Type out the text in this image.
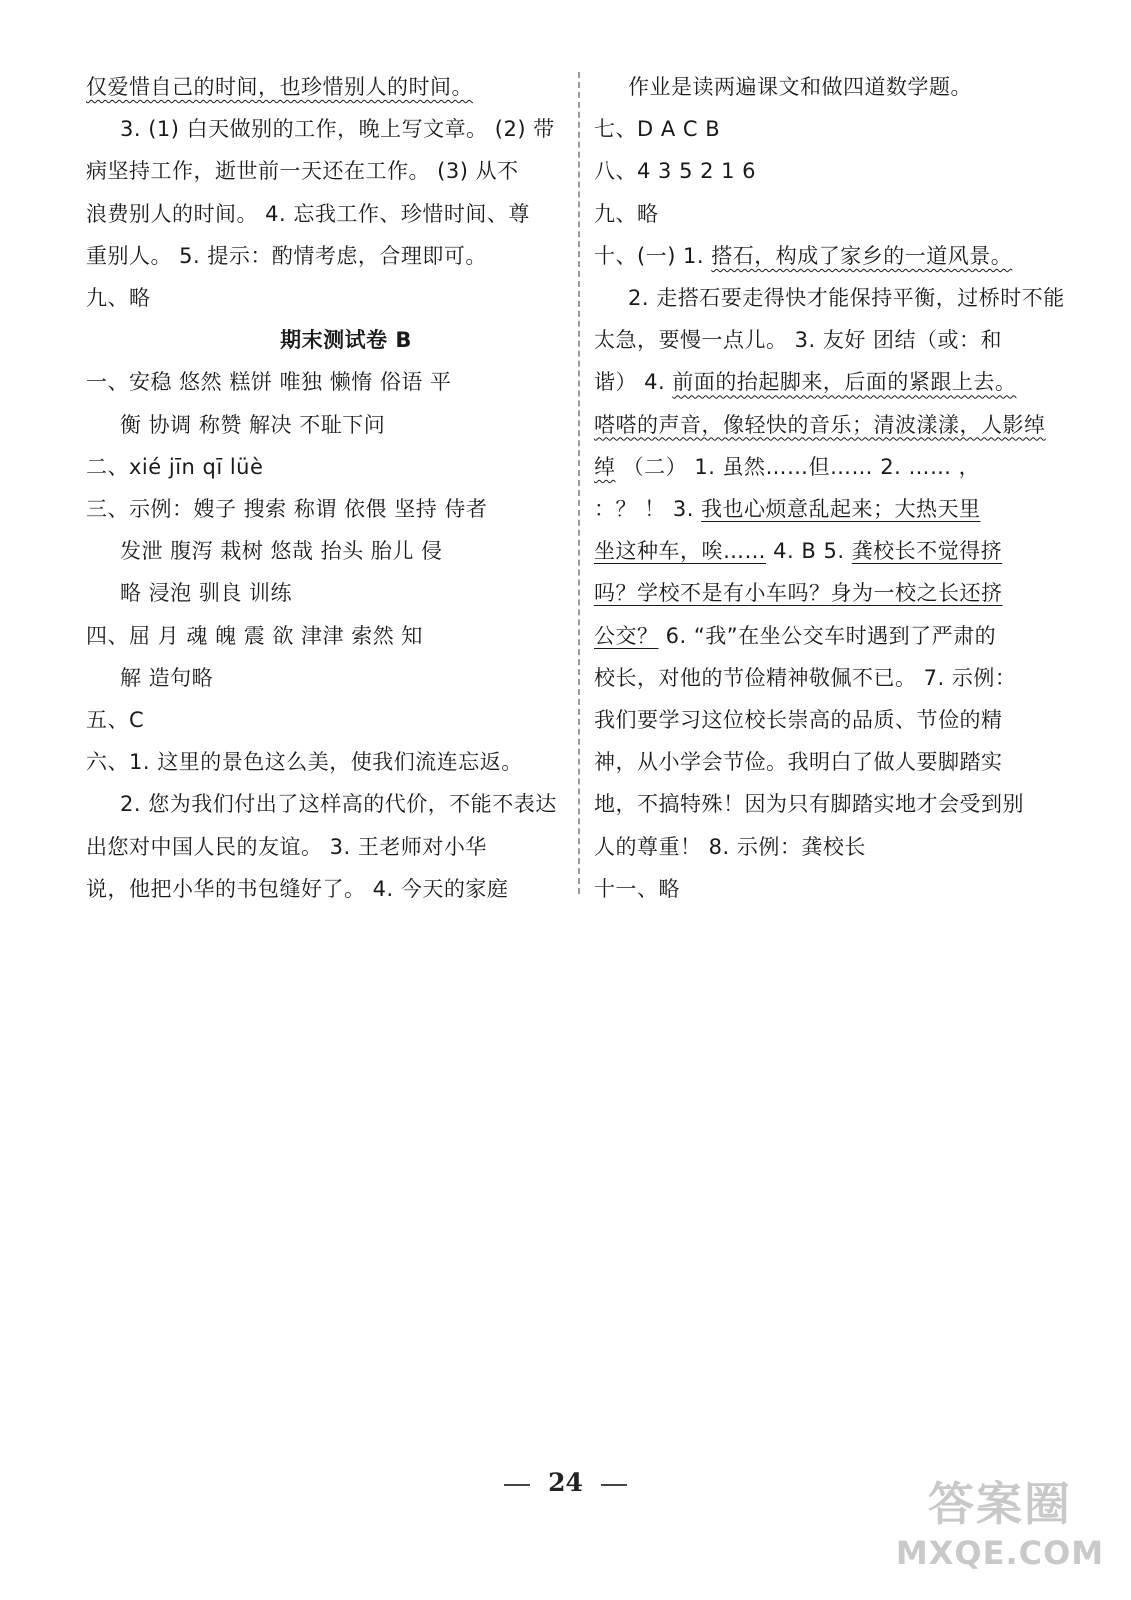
仅爱惜自己的时间，也珍惜别人的时间。
3. (1) 白天做别的工作，晚上写文章。 (2) 带
病坚持工作，逝世前一天还在工作。 (3) 从不
浪费别人的时间。 4. 忘我工作、珍惜时间、尊
重别人。 5. 提示：酌情考虑，合理即可。
九、略
期末测试卷 B
一、安稳 悠然 糕饼 唯独 懒惰 俗语 平
衡 协调 称赞 解决 不耻下问
二、xié jīn qī lüè
三、示例：嫂子 搜索 称谓 依偎 坚持 侍者
发泄 腹泻 栽树 悠哉 抬头 胎儿 侵
略 浸泡 驯良 训练
四、屈 月 魂 魄 震 欲 津津 索然 知
解 造句略
五、C
六、1. 这里的景色这么美，使我们流连忘返。
2. 您为我们付出了这样高的代价，不能不表达
出您对中国人民的友谊。 3. 王老师对小华
说，他把小华的书包缝好了。 4. 今天的家庭
作业是读两遍课文和做四道数学题。
七、D A C B
八、4 3 5 2 1 6
九、略
十、(一) 1. 搭石，构成了家乡的一道风景。
2. 走搭石要走得快才能保持平衡，过桥时不能
太急，要慢一点儿。 3. 友好 团结（或：和
谐） 4. 前面的抬起脚来，后面的紧跟上去。
嗒嗒的声音，像轻快的音乐；清波漾漾，人影绰
绰 （二） 1. 虽然……但…… 2. …… ，
：？ ！ 3. 我也心烦意乱起来；大热天里
坐这种车，唉…… 4. B 5. 龚校长不觉得挤
吗？学校不是有小车吗？身为一校之长还挤
公交？ 6. “我”在坐公交车时遇到了严肃的
校长，对他的节俭精神敬佩不已。 7. 示例：
我们要学习这位校长崇高的品质、节俭的精
神，从小学会节俭。我明白了做人要脚踏实
地，不搞特殊！因为只有脚踏实地才会受到别
人的尊重！ 8. 示例：龚校长
十一、略
24	答案圈
MXQE.COM
